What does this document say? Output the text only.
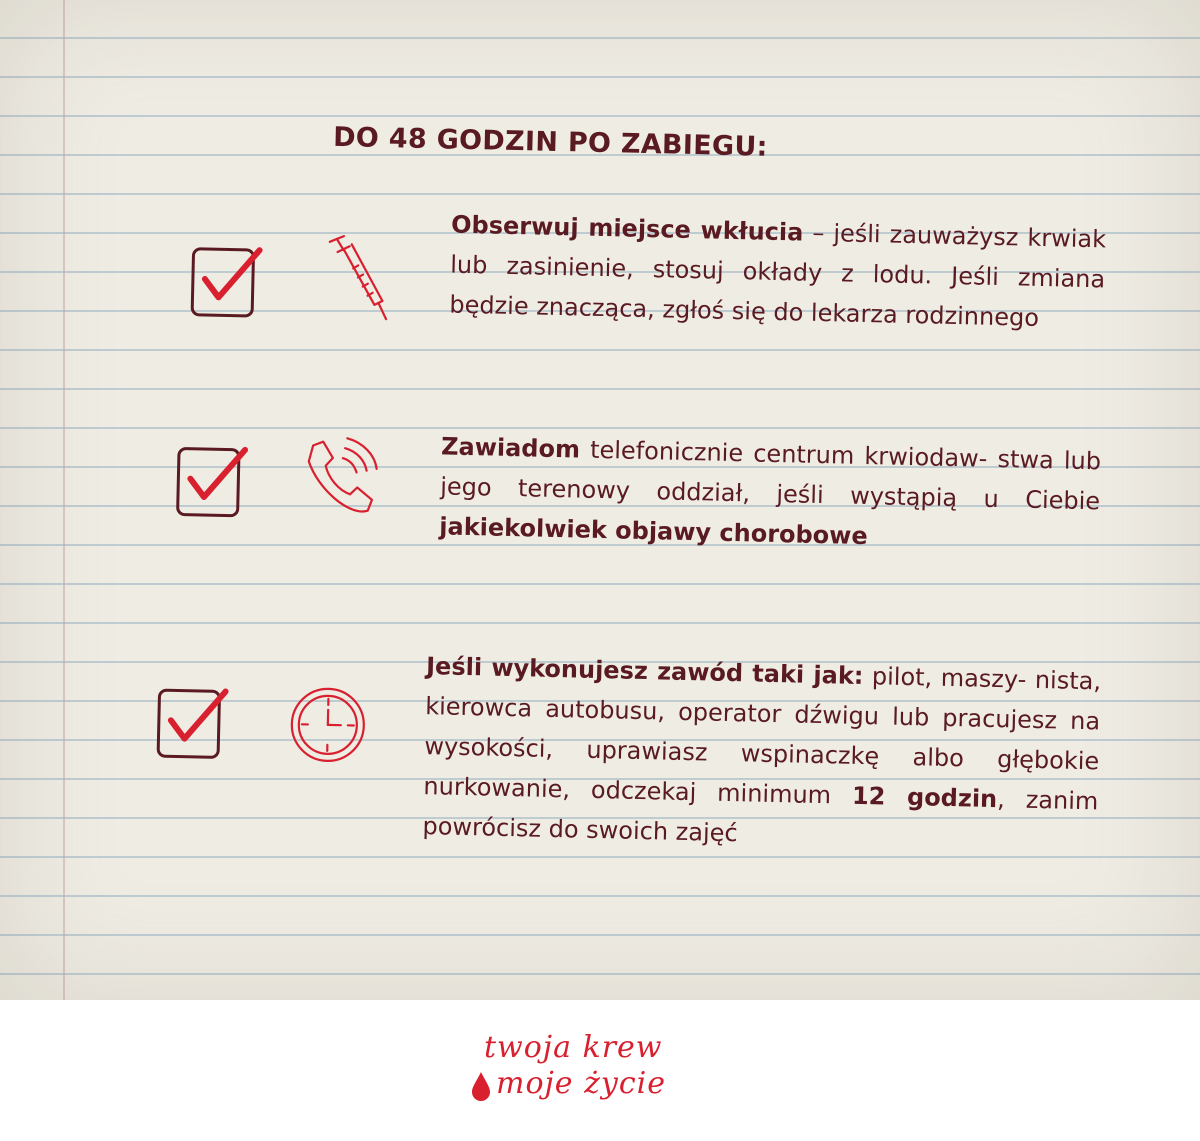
DO 48 GODZIN PO ZABIEGU:

Obserwuj miejsce wkłucia – jeśli zauważysz krwiak lub zasinienie, stosuj okłady z lodu. Jeśli zmiana będzie znacząca, zgłoś się do lekarza rodzinnego

Zawiadom telefonicznie centrum krwiodaw- stwa lub jego terenowy oddział, jeśli wystąpią u Ciebie jakiekolwiek objawy chorobowe

Jeśli wykonujesz zawód taki jak: pilot, maszy- nista, kierowca autobusu, operator dźwigu lub pracujesz na wysokości, uprawiasz wspinaczkę albo głębokie nurkowanie, odczekaj minimum 12 godzin, zanim powrócisz do swoich zajęć

twoja krew
moje życie
